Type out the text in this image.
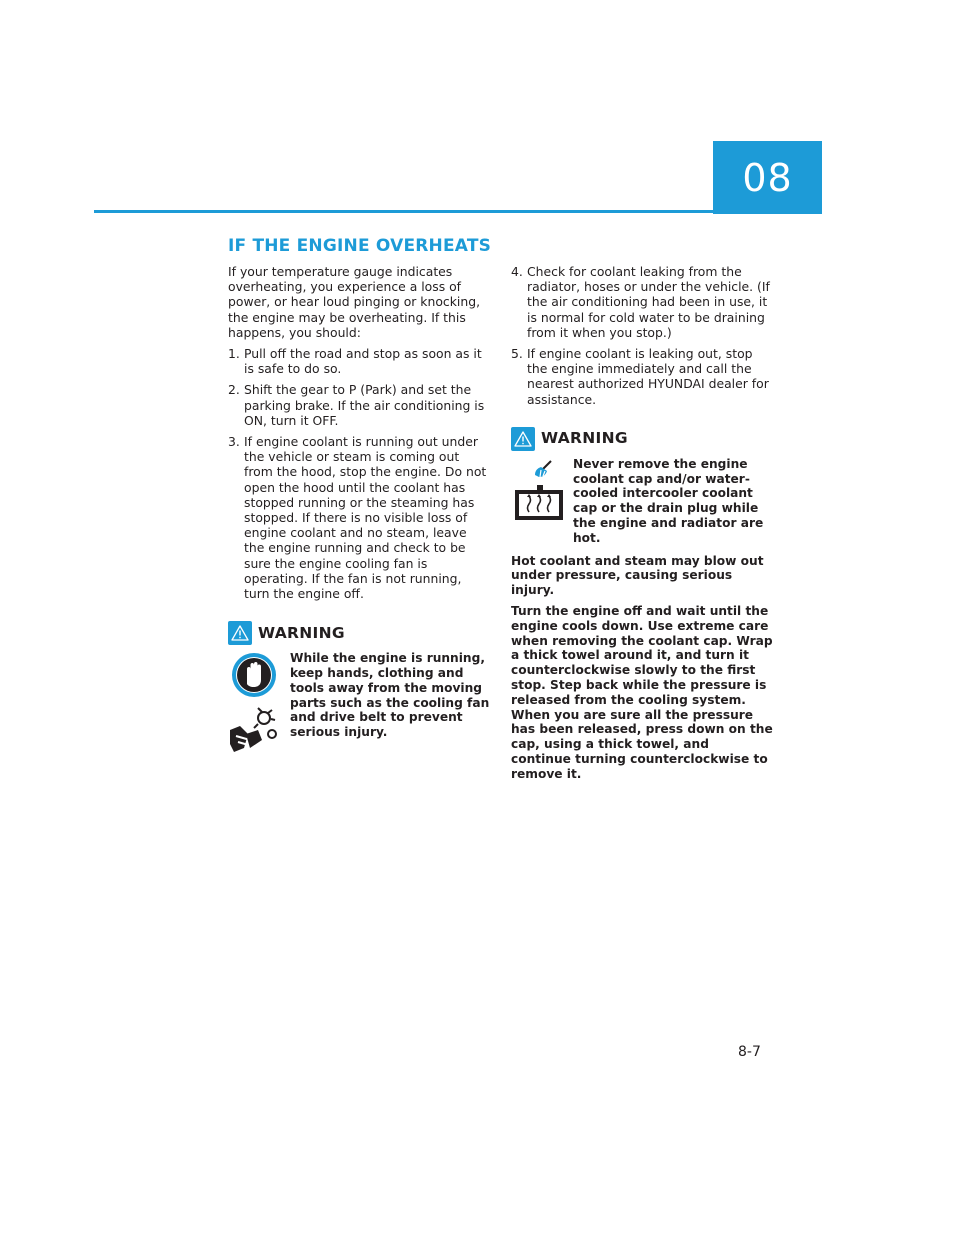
08
IF THE ENGINE OVERHEATS

If your temperature gauge indicates overheating, you experience a loss of power, or hear loud pinging or knocking, the engine may be overheating. If this happens, you should:

1. Pull off the road and stop as soon as it is safe to do so.
2. Shift the gear to P (Park) and set the parking brake. If the air conditioning is ON, turn it OFF.
3. If engine coolant is running out under the vehicle or steam is coming out from the hood, stop the engine. Do not open the hood until the coolant has stopped running or the steaming has stopped. If there is no visible loss of engine coolant and no steam, leave the engine running and check to be sure the engine cooling fan is operating. If the fan is not running, turn the engine off.
WARNING

While the engine is running, keep hands, clothing and tools away from the moving parts such as the cooling fan and drive belt to prevent serious injury.
4. Check for coolant leaking from the radiator, hoses or under the vehicle. (If the air conditioning had been in use, it is normal for cold water to be draining from it when you stop.)
5. If engine coolant is leaking out, stop the engine immediately and call the nearest authorized HYUNDAI dealer for assistance.
WARNING

Never remove the engine coolant cap and/or water-cooled intercooler coolant cap or the drain plug while the engine and radiator are hot.

Hot coolant and steam may blow out under pressure, causing serious injury.

Turn the engine off and wait until the engine cools down. Use extreme care when removing the coolant cap. Wrap a thick towel around it, and turn it counterclockwise slowly to the first stop. Step back while the pressure is released from the cooling system. When you are sure all the pressure has been released, press down on the cap, using a thick towel, and continue turning counterclockwise to remove it.

8-7
